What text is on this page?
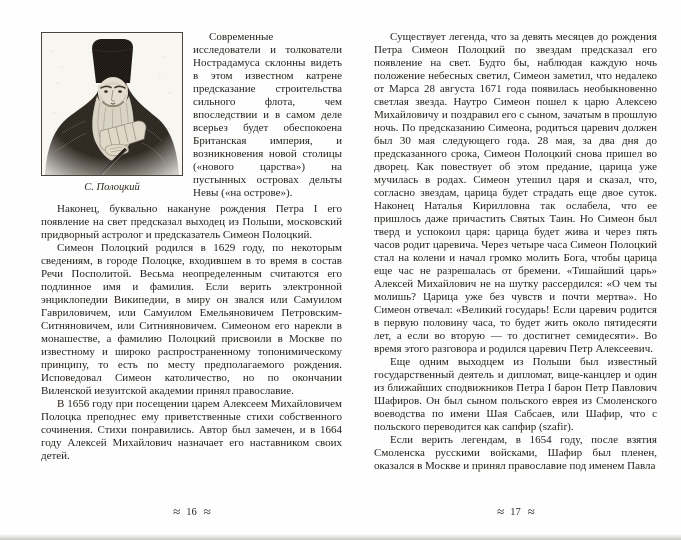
С. Полоцкий

Современные исследователи и толкователи Нострадамуса склонны видеть в этом известном катрене предсказание строительства сильного флота, чем впоследствии и в самом деле всерьез будет обеспокоена Британская империя, и возникновения новой столицы («нового царства») на пустынных островах дельты Невы («на острове»).

Наконец, буквально накануне рождения Петра I его появление на свет предсказал выходец из Польши, московский придворный астролог и предсказатель Симеон Полоцкий.

Симеон Полоцкий родился в 1629 году, по некоторым сведениям, в городе Полоцке, входившем в то время в состав Речи Посполитой. Весьма неопределенным считаются его подлинное имя и фамилия. Если верить электронной энциклопедии Википедии, в миру он звался или Самуилом Гавриловичем, или Самуилом Емельяновичем Петровским-Ситняновичем, или Ситнияновичем. Симеоном его нарекли в монашестве, а фамилию Полоцкий присвоили в Москве по известному и широко распространенному топонимическому принципу, то есть по месту предполагаемого рождения. Исповедовал Симеон католичество, но по окончании Виленской иезуитской академии принял православие.

В 1656 году при посещении царем Алексеем Михайловичем Полоцка преподнес ему приветственные стихи собственного сочинения. Стихи понравились. Автор был замечен, и в 1664 году Алексей Михайлович назначает его наставником своих детей.

≈ 16 ≈

Существует легенда, что за девять месяцев до рождения Петра Симеон Полоцкий по звездам предсказал его появление на свет. Будто бы, наблюдая каждую ночь положение небесных светил, Симеон заметил, что недалеко от Марса 28 августа 1671 года появилась необыкновенно светлая звезда. Наутро Симеон пошел к царю Алексею Михайловичу и поздравил его с сыном, зачатым в прошлую ночь. По предсказанию Симеона, родиться царевич должен был 30 мая следующего года. 28 мая, за два дня до предсказанного срока, Симеон Полоцкий снова пришел во дворец. Как повествует об этом предание, царица уже мучилась в родах. Симеон утешил царя и сказал, что, согласно звездам, царица будет страдать еще двое суток. Наконец Наталья Кирилловна так ослабела, что ее пришлось даже причастить Святых Таин. Но Симеон был тверд и успокоил царя: царица будет жива и через пять часов родит царевича. Через четыре часа Симеон Полоцкий стал на колени и начал громко молить Бога, чтобы царица еще час не разрешалась от бремени. «Тишайший царь» Алексей Михайлович не на шутку рассердился: «О чем ты молишь? Царица уже без чувств и почти мертва». Но Симеон отвечал: «Великий государь! Если царевич родится в первую половину часа, то будет жить около пятидесяти лет, а если во вторую — то достигнет семидесяти». Во время этого разговора и родился царевич Петр Алексеевич.

Еще одним выходцем из Польши был известный государственный деятель и дипломат, вице-канцлер и один из ближайших сподвижников Петра I барон Петр Павлович Шафиров. Он был сыном польского еврея из Смоленского воеводства по имени Шая Сабсаев, или Шафир, что с польского переводится как сапфир (szafir).

Если верить легендам, в 1654 году, после взятия Смоленска русскими войсками, Шафир был пленен, оказался в Москве и принял православие под именем Павла

≈ 17 ≈
